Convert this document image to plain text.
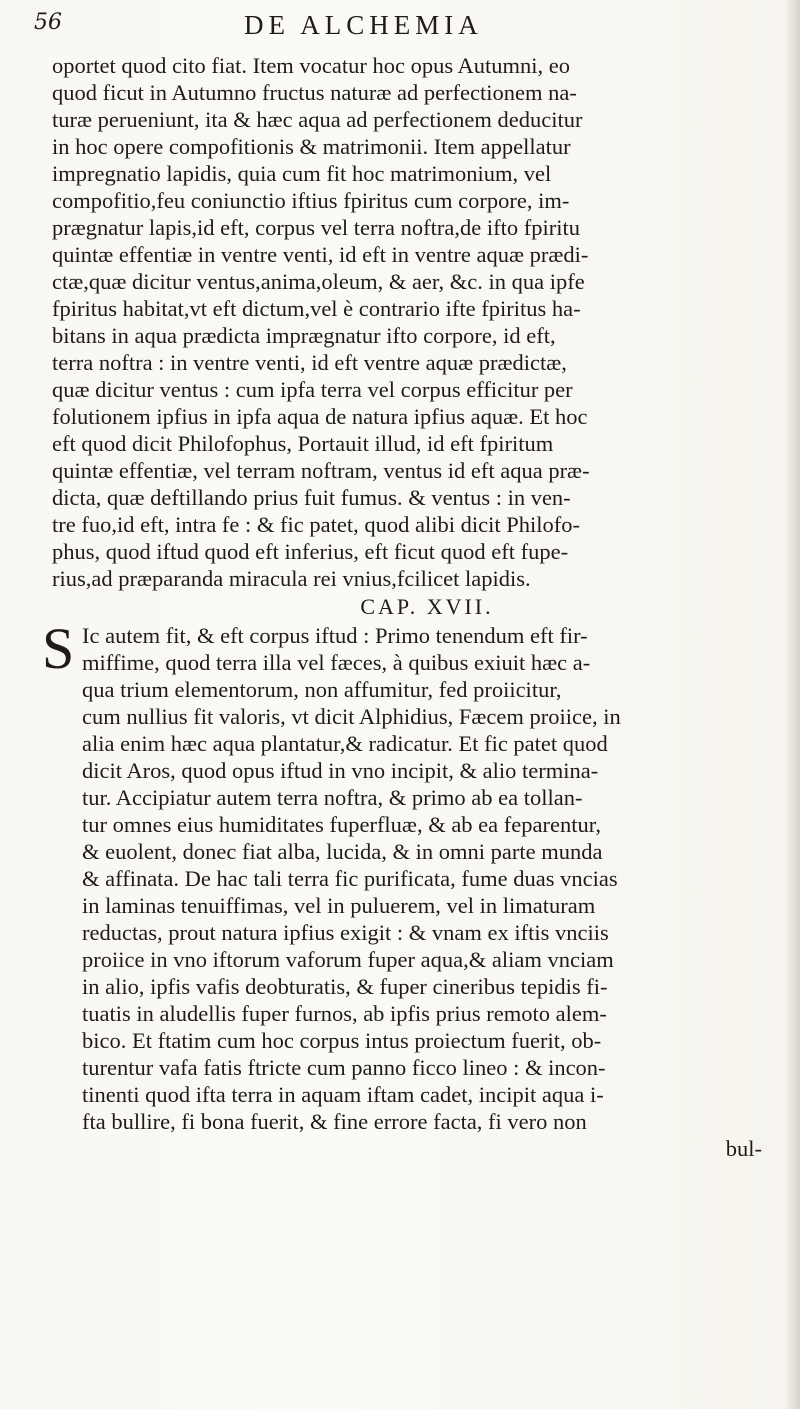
56	DE ALCHEMIA
oportet quod cito fiat. Item vocatur hoc opus Autumni, eo
quod ficut in Autumno fructus naturæ ad perfectionem na-
turæ perueniunt, ita & hæc aqua ad perfectionem deducitur
in hoc opere compofitionis & matrimonii. Item appellatur
impregnatio lapidis, quia cum fit hoc matrimonium, vel
compofitio,feu coniunctio iftius fpiritus cum corpore, im-
prægnatur lapis,id eft, corpus vel terra noftra,de ifto fpiritu
quintæ effentiæ in ventre venti, id eft in ventre aquæ prædi-
ctæ,quæ dicitur ventus,anima,oleum, & aer, &c. in qua ipfe
fpiritus habitat,vt eft dictum,vel è contrario ifte fpiritus ha-
bitans in aqua prædicta imprægnatur ifto corpore, id eft,
terra noftra : in ventre venti, id eft ventre aquæ prædictæ,
quæ dicitur ventus : cum ipfa terra vel corpus efficitur per
folutionem ipfius in ipfa aqua de natura ipfius aquæ. Et hoc
eft quod dicit Philofophus, Portauit illud, id eft fpiritum
quintæ effentiæ, vel terram noftram, ventus id eft aqua præ-
dicta, quæ deftillando prius fuit fumus. & ventus : in ven-
tre fuo,id eft, intra fe : & fic patet, quod alibi dicit Philofo-
phus, quod iftud quod eft inferius, eft ficut quod eft fupe-
rius,ad præparanda miracula rei vnius,fcilicet lapidis.
CAP. XVII.
S Ic autem fit, & eft corpus iftud : Primo tenendum eft fir-
miffime, quod terra illa vel fæces, à quibus exiuit hæc a-
qua trium elementorum, non affumitur, fed proiicitur,
cum nullius fit valoris, vt dicit Alphidius, Fæcem proiice, in
alia enim hæc aqua plantatur,& radicatur. Et fic patet quod
dicit Aros, quod opus iftud in vno incipit, & alio termina-
tur. Accipiatur autem terra noftra, & primo ab ea tollan-
tur omnes eius humiditates fuperfluæ, & ab ea feparentur,
& euolent, donec fiat alba, lucida, & in omni parte munda
& affinata. De hac tali terra fic purificata, fume duas vncias
in laminas tenuiffimas, vel in puluerem, vel in limaturam
reductas, prout natura ipfius exigit : & vnam ex iftis vnciis
proiice in vno iftorum vaforum fuper aqua,& aliam vnciam
in alio, ipfis vafis deobturatis, & fuper cineribus tepidis fi-
tuatis in aludellis fuper furnos, ab ipfis prius remoto alem-
bico. Et ftatim cum hoc corpus intus proiectum fuerit, ob-
turentur vafa fatis ftricte cum panno ficco lineo : & incon-
tinenti quod ifta terra in aquam iftam cadet, incipit aqua i-
fta bullire, fi bona fuerit, & fine errore facta, fi vero non
bul-
